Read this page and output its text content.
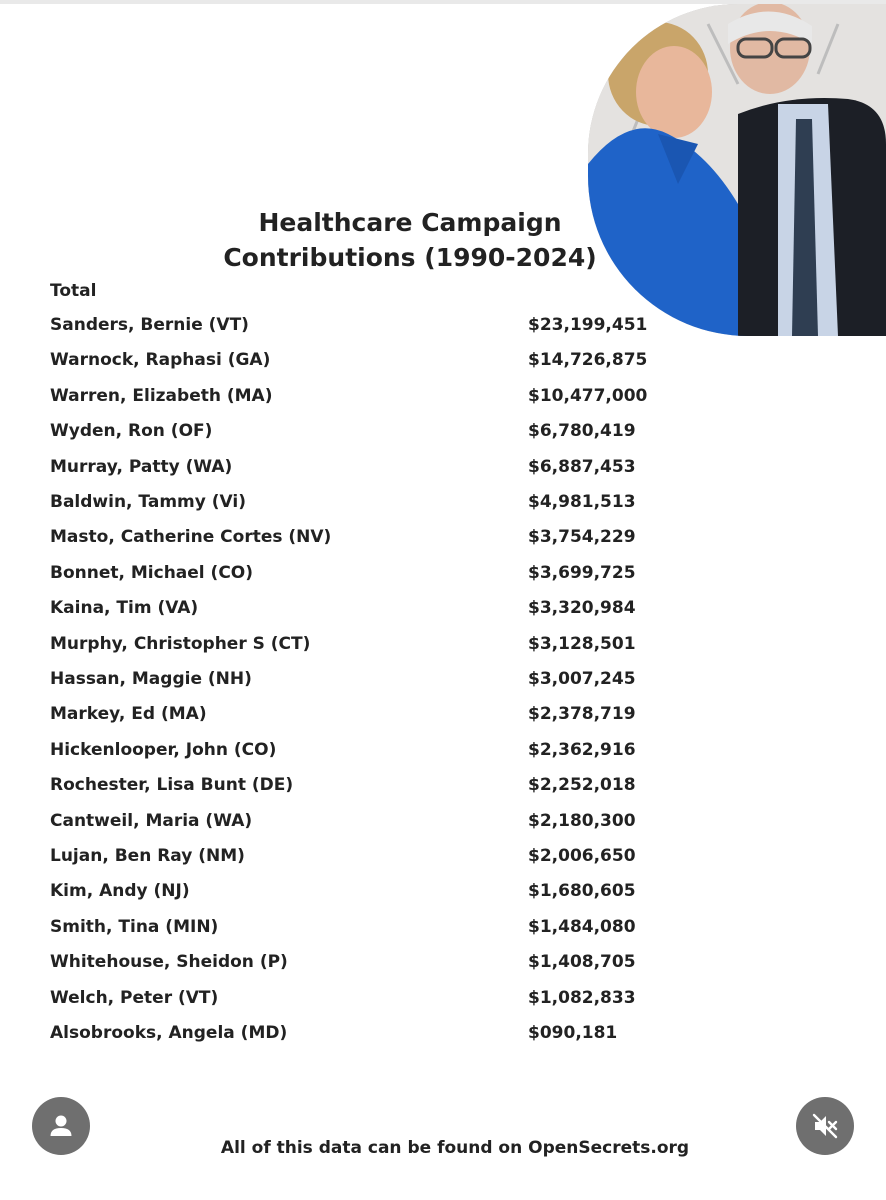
Healthcare Campaign Contributions (1990-2024)
Total
Sanders, Bernie (VT)	$23,199,451
Warnock, Raphasi (GA)	$14,726,875
Warren, Elizabeth (MA)	$10,477,000
Wyden, Ron (OF)	$6,780,419
Murray, Patty (WA)	$6,887,453
Baldwin, Tammy (Vi)	$4,981,513
Masto, Catherine Cortes (NV)	$3,754,229
Bonnet, Michael (CO)	$3,699,725
Kaina, Tim (VA)	$3,320,984
Murphy, Christopher S (CT)	$3,128,501
Hassan, Maggie (NH)	$3,007,245
Markey, Ed (MA)	$2,378,719
Hickenlooper, John (CO)	$2,362,916
Rochester, Lisa Bunt (DE)	$2,252,018
Cantweil, Maria (WA)	$2,180,300
Lujan, Ben Ray (NM)	$2,006,650
Kim, Andy (NJ)	$1,680,605
Smith, Tina (MIN)	$1,484,080
Whitehouse, Sheidon (P)	$1,408,705
Welch, Peter (VT)	$1,082,833
Alsobrooks, Angela (MD)	$090,181
All of this data can be found on OpenSecrets.org
